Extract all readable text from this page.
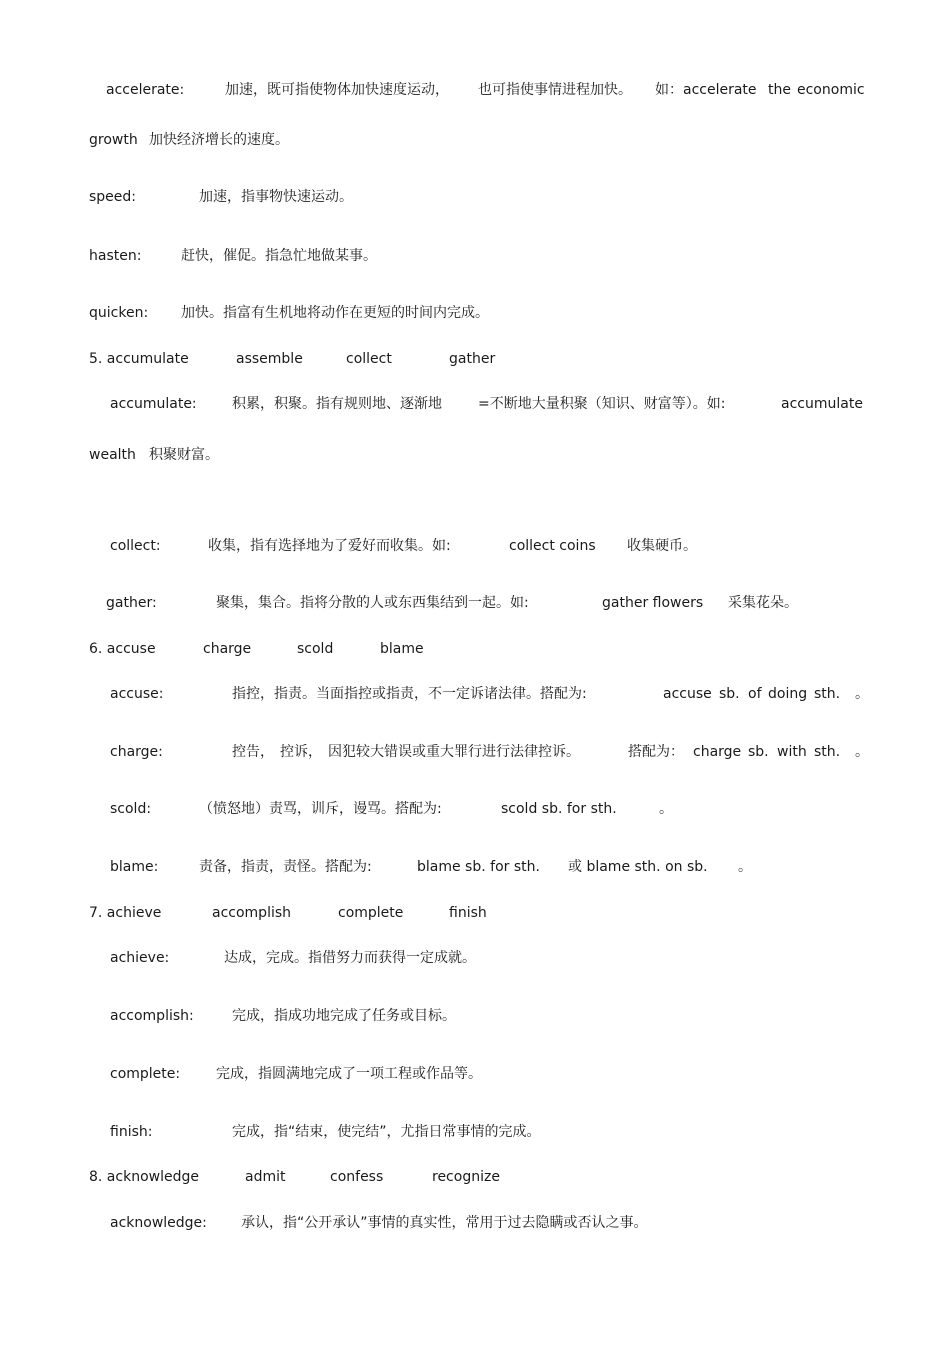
accelerate:

	加速，既可指使物体加快速度运动，

也可指使事情进程加快。

如：accelerate

the

economic

growth

加快经济增长的速度。

speed:

	加速，指事物快速运动。

hasten:

	赶快，催促。指急忙地做某事。

quicken:

加快。指富有生机地将动作在更短的时间内完成。

5. accumulate

	assemble

	collect

	gather

accumulate:

	积累，积聚。指有规则地、逐渐地

	=不断地大量积聚（知识、财富等）。如:

	accumulate

wealth

积聚财富。

collect:

	收集，指有选择地为了爱好而收集。如:

	collect coins

收集硬币。

gather:

	聚集，集合。指将分散的人或东西集结到一起。如:

	gather flowers

采集花朵。

6. accuse

	charge

	scold

	blame

accuse:

	指控，指责。当面指控或指责，不一定诉诸法律。搭配为:

	accuse

sb.

of

doing

sth.

。

charge:

	控告，

控诉，

因犯较大错误或重大罪行进行法律控诉。

	搭配为：

charge

sb.

with

sth.

。

scold:

	（愤怒地）责骂，训斥，谩骂。搭配为:

	scold sb. for sth.

	。

blame:

	责备，指责，责怪。搭配为:

	blame sb. for sth.

或 blame sth. on sb.

。

7. achieve

	accomplish

	complete

	finish

achieve:

	达成，完成。指借努力而获得一定成就。

accomplish:

	完成，指成功地完成了任务或目标。

complete:

	完成，指圆满地完成了一项工程或作品等。

finish:

	完成，指“结束，使完结”，尤指日常事情的完成。

8. acknowledge

	admit

	confess

	recognize

acknowledge:

承认，指“公开承认”事情的真实性，常用于过去隐瞒或否认之事。
